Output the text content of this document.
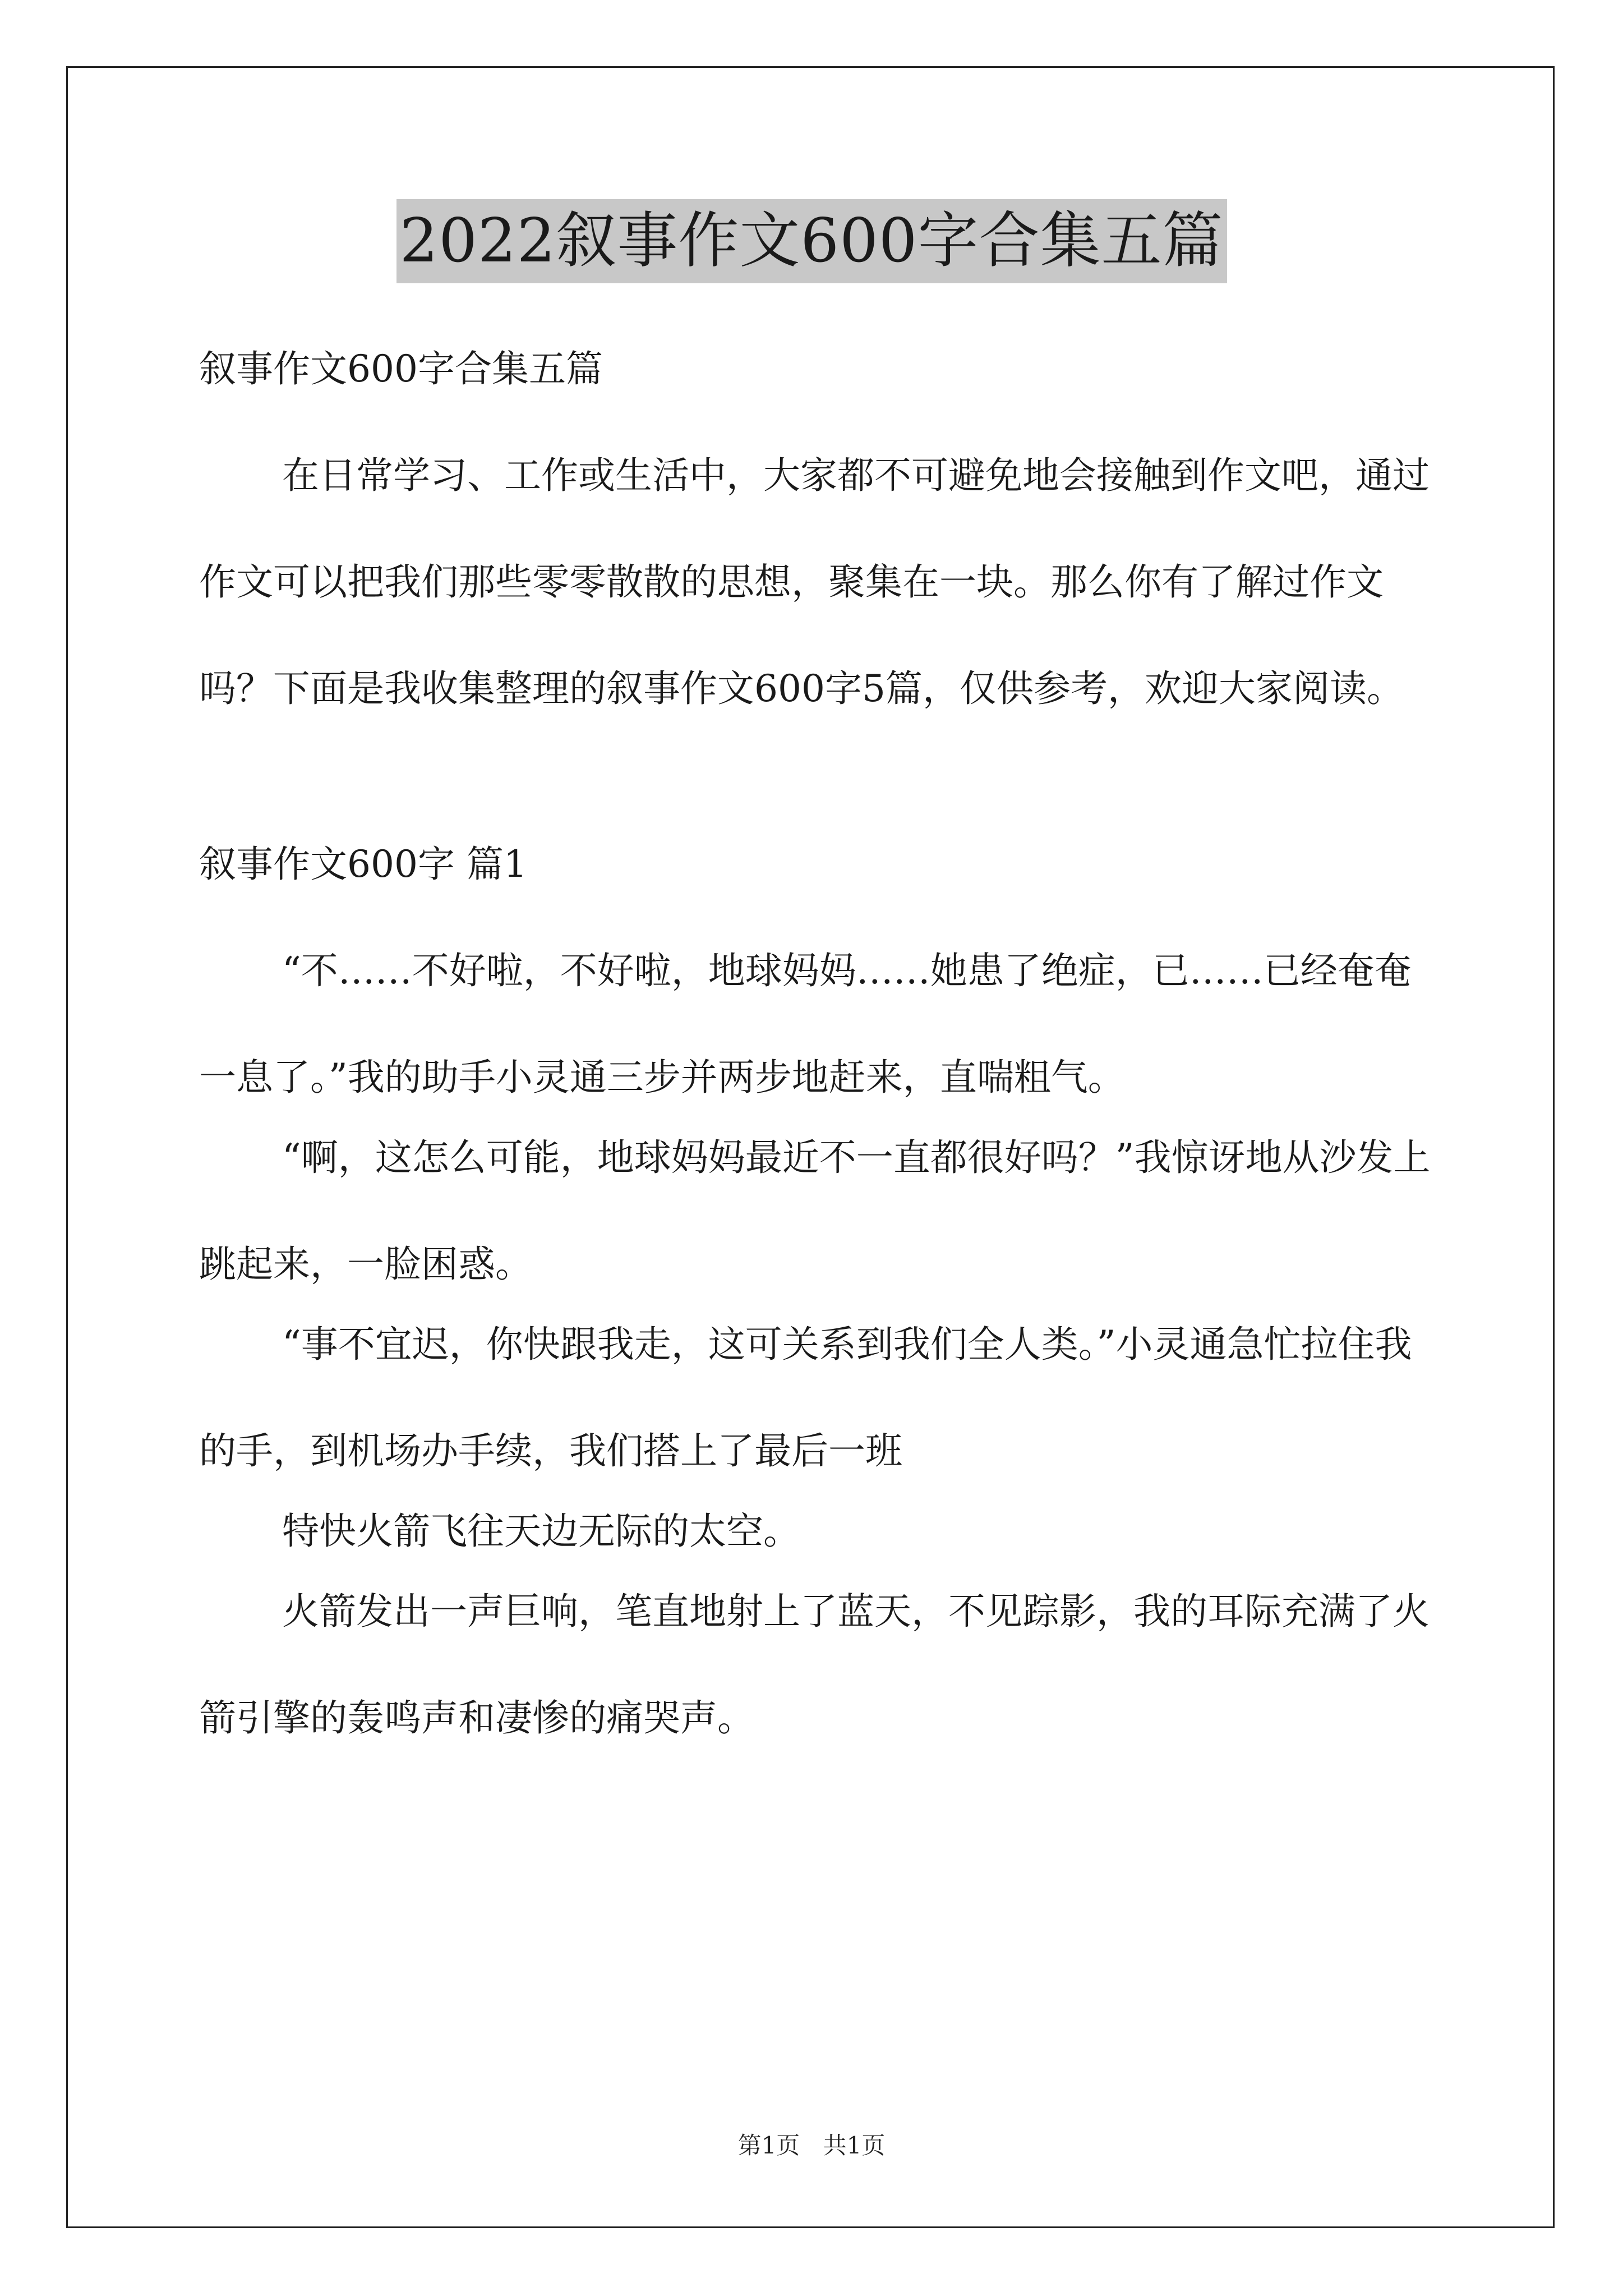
2022叙事作文600字合集五篇

叙事作文600字合集五篇

在日常学习、工作或生活中，大家都不可避免地会接触到作文吧，通过作文可以把我们那些零零散散的思想，聚集在一块。那么你有了解过作文吗？下面是我收集整理的叙事作文600字5篇，仅供参考，欢迎大家阅读。

叙事作文600字 篇1

“不……不好啦，不好啦，地球妈妈……她患了绝症，已……已经奄奄一息了。”我的助手小灵通三步并两步地赶来，直喘粗气。

“啊，这怎么可能，地球妈妈最近不一直都很好吗？”我惊讶地从沙发上跳起来，一脸困惑。

“事不宜迟，你快跟我走，这可关系到我们全人类。”小灵通急忙拉住我的手，到机场办手续，我们搭上了最后一班

特快火箭飞往天边无际的太空。

火箭发出一声巨响，笔直地射上了蓝天，不见踪影，我的耳际充满了火箭引擎的轰鸣声和凄惨的痛哭声。

第1页 共1页
